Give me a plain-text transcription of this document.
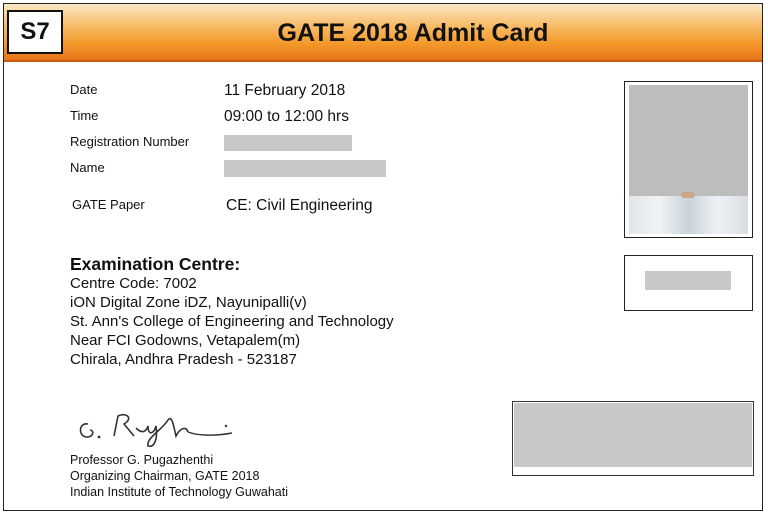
S7	GATE 2018 Admit Card
Date	11 February 2018
Time	09:00 to 12:00 hrs
Registration Number
Name
GATE Paper	CE: Civil Engineering
Examination Centre:
Centre Code: 7002
iON Digital Zone iDZ, Nayunipalli(v)
St. Ann's College of Engineering and Technology
Near FCI Godowns, Vetapalem(m)
Chirala, Andhra Pradesh - 523187
Professor G. Pugazhenthi
Organizing Chairman, GATE 2018
Indian Institute of Technology Guwahati
